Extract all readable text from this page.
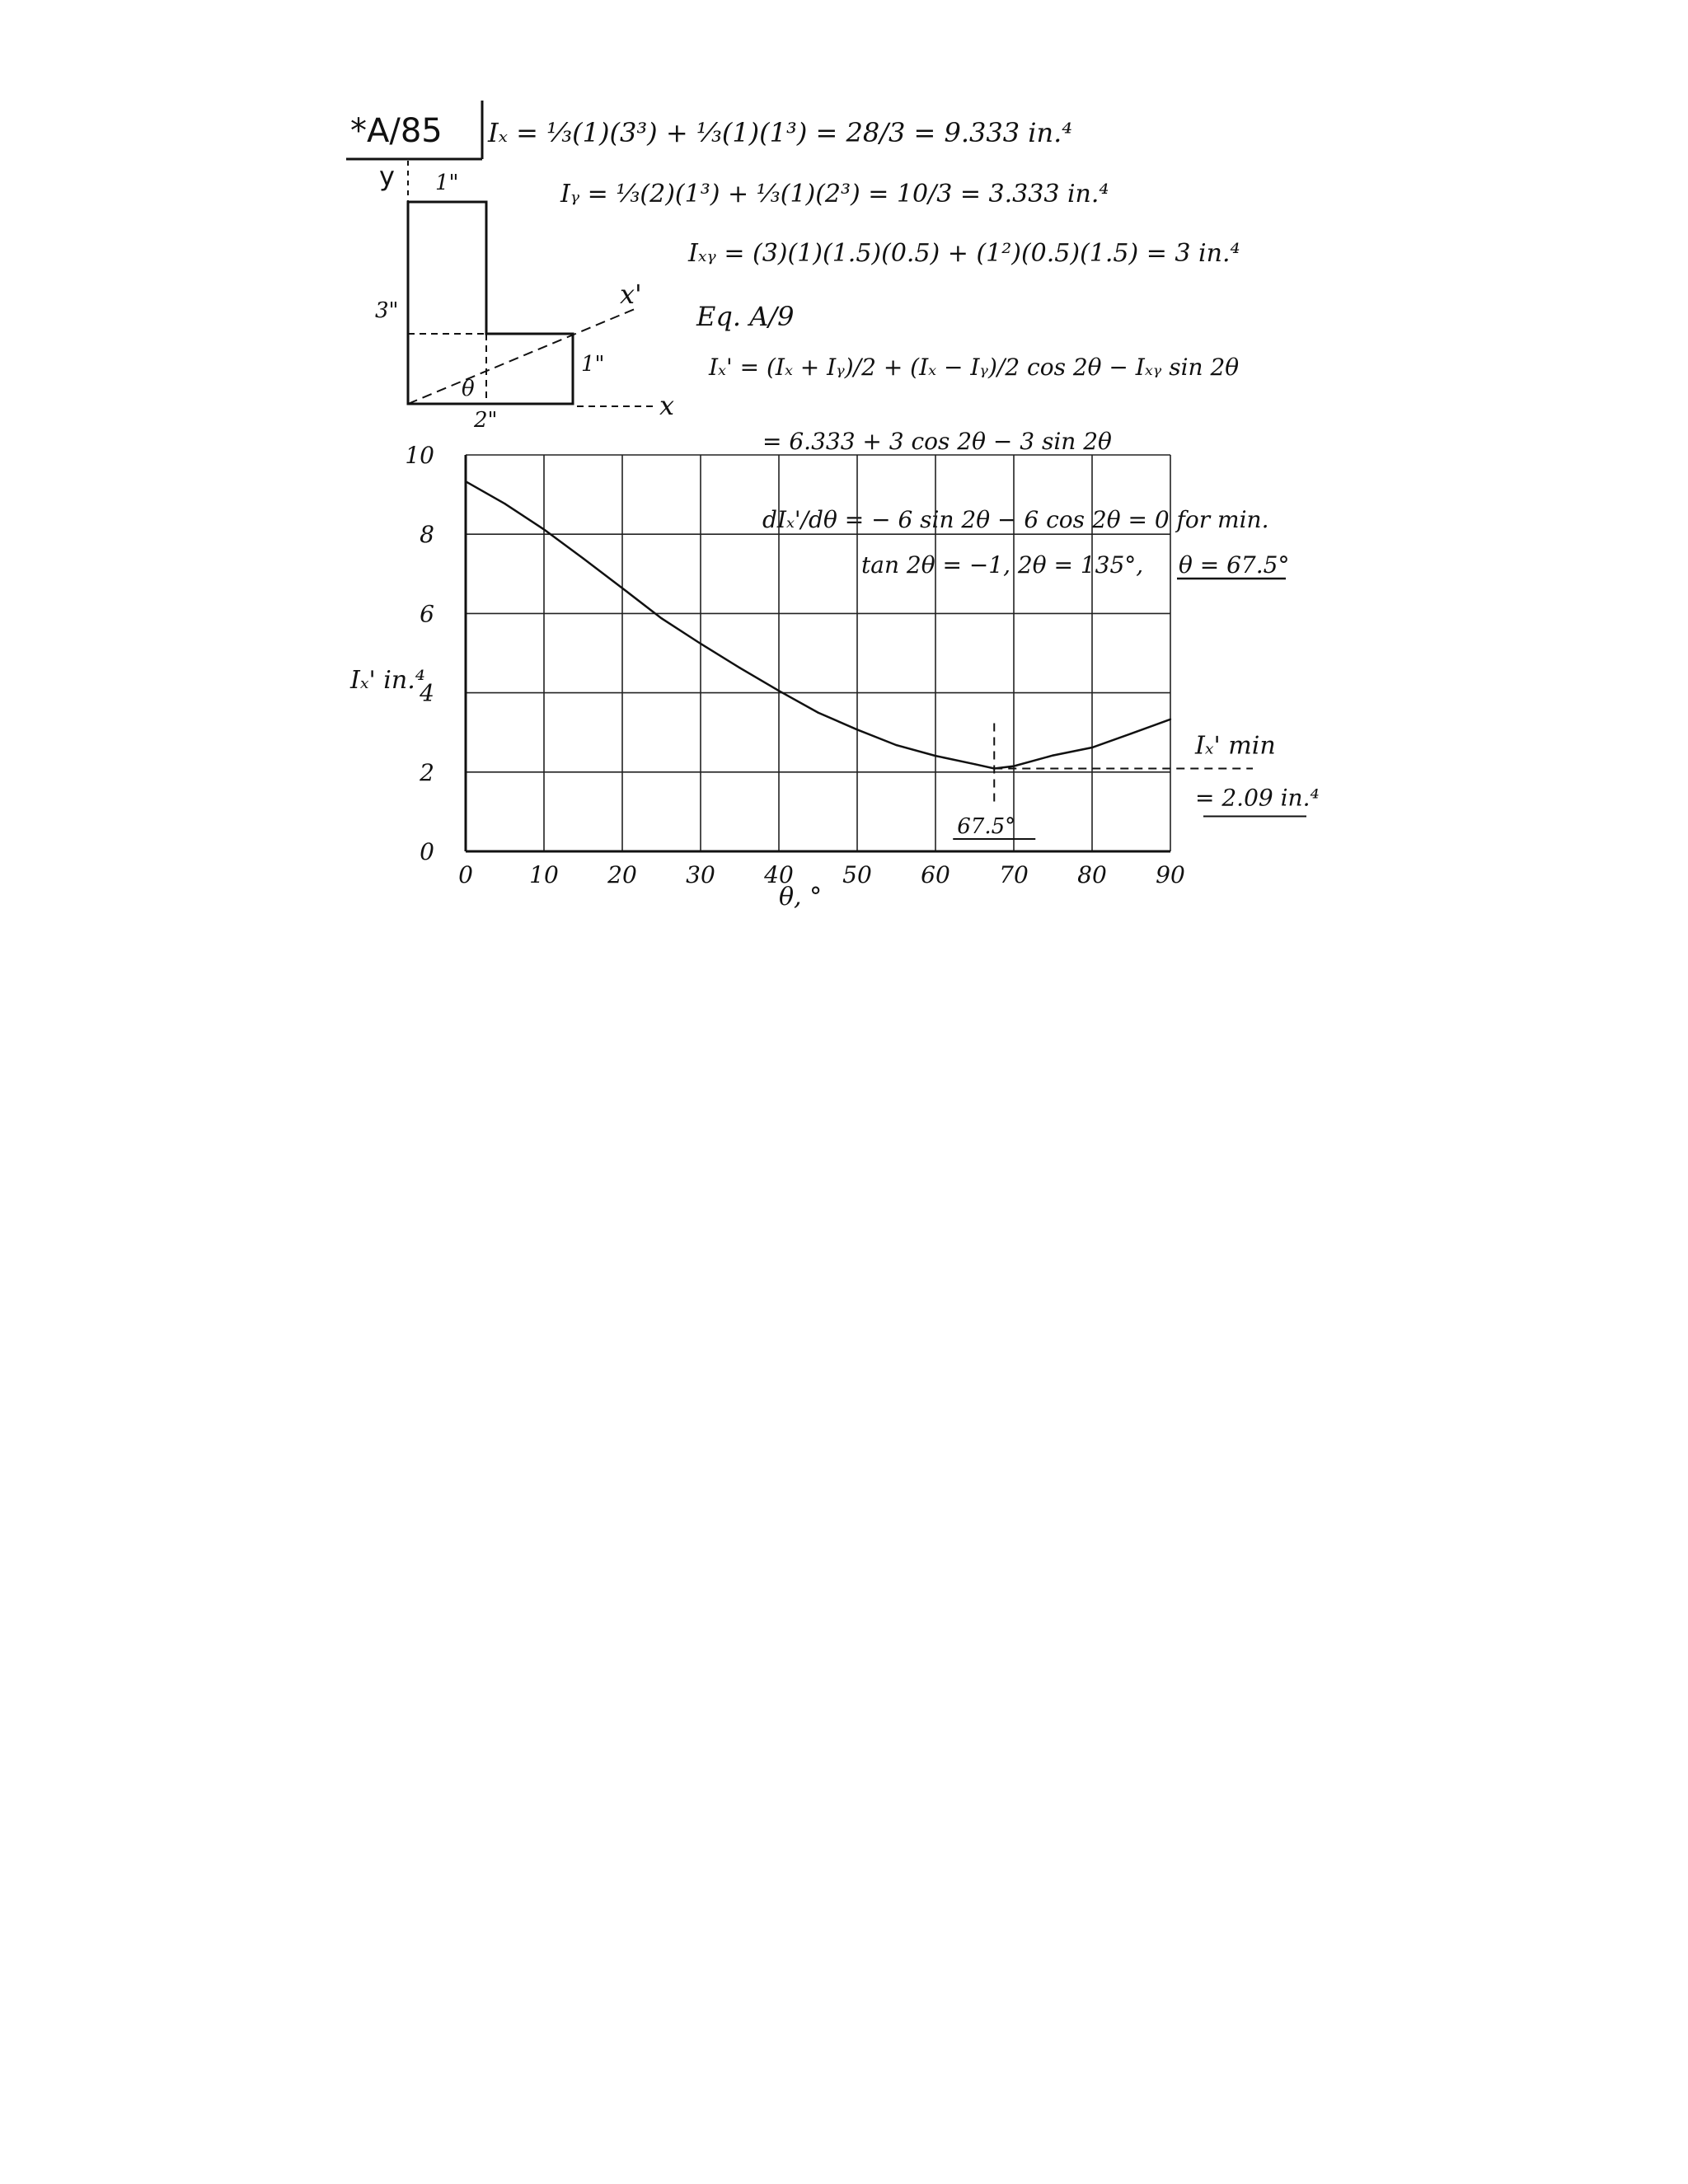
*A/85 Iₓ = ⅓(1)(3³) + ⅓(1)(1³) = 28/3 = 9.333 in.⁴
Iᵧ = ⅓(2)(1³) + ⅓(1)(2³) = 10/3 = 3.333 in.⁴
Iₓᵧ = (3)(1)(1.5)(0.5) + (1²)(0.5)(1.5) = 3 in.⁴
Eq. A/9
Iₓ' = (Iₓ + Iᵧ)/2 + (Iₓ − Iᵧ)/2 cos 2θ − Iₓᵧ sin 2θ
= 6.333 + 3 cos 2θ − 3 sin 2θ
dIₓ'/dθ = − 6 sin 2θ − 6 cos 2θ = 0 for min.
tan 2θ = −1, 2θ = 135°, θ = 67.5°
y
x
x'
θ
1"
3"
1"
2"
0 10 20 30 40 50 60 70 80 90
0
2
4
6
8
10
67.5°
Iₓ' min
= 2.09 in.⁴
θ, °
Iₓ' in.⁴
